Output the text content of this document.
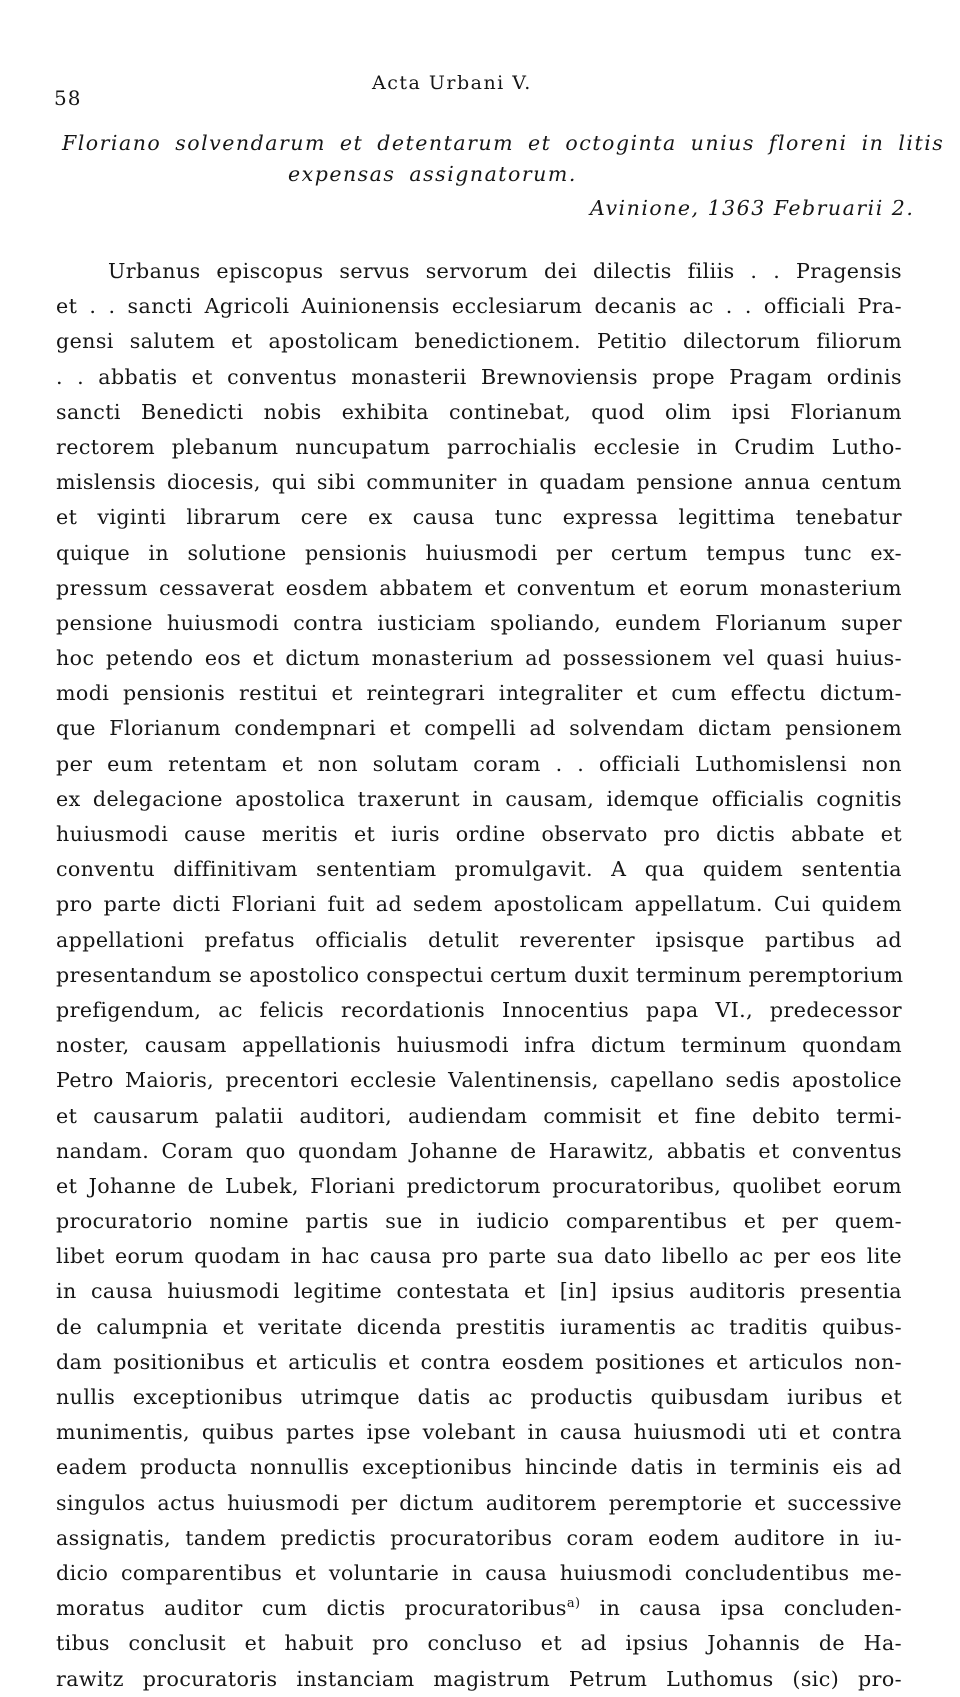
58
Acta Urbani V.
Floriano solvendarum et detentarum et octoginta unius floreni in litis
expensas assignatorum.
Avinione, 1363 Februarii 2.
Urbanus episcopus servus servorum dei dilectis filiis . . Pragensis
et . . sancti Agricoli Auinionensis ecclesiarum decanis ac . . officiali Pra-
gensi salutem et apostolicam benedictionem. Petitio dilectorum filiorum
. . abbatis et conventus monasterii Brewnoviensis prope Pragam ordinis
sancti Benedicti nobis exhibita continebat, quod olim ipsi Florianum
rectorem plebanum nuncupatum parrochialis ecclesie in Crudim Lutho-
mislensis diocesis, qui sibi communiter in quadam pensione annua centum
et viginti librarum cere ex causa tunc expressa legittima tenebatur
quique in solutione pensionis huiusmodi per certum tempus tunc ex-
pressum cessaverat eosdem abbatem et conventum et eorum monasterium
pensione huiusmodi contra iusticiam spoliando, eundem Florianum super
hoc petendo eos et dictum monasterium ad possessionem vel quasi huius-
modi pensionis restitui et reintegrari integraliter et cum effectu dictum-
que Florianum condempnari et compelli ad solvendam dictam pensionem
per eum retentam et non solutam coram . . officiali Luthomislensi non
ex delegacione apostolica traxerunt in causam, idemque officialis cognitis
huiusmodi cause meritis et iuris ordine observato pro dictis abbate et
conventu diffinitivam sententiam promulgavit. A qua quidem sententia
pro parte dicti Floriani fuit ad sedem apostolicam appellatum. Cui quidem
appellationi prefatus officialis detulit reverenter ipsisque partibus ad
presentandum se apostolico conspectui certum duxit terminum peremptorium
prefigendum, ac felicis recordationis Innocentius papa VI., predecessor
noster, causam appellationis huiusmodi infra dictum terminum quondam
Petro Maioris, precentori ecclesie Valentinensis, capellano sedis apostolice
et causarum palatii auditori, audiendam commisit et fine debito termi-
nandam. Coram quo quondam Johanne de Harawitz, abbatis et conventus
et Johanne de Lubek, Floriani predictorum procuratoribus, quolibet eorum
procuratorio nomine partis sue in iudicio comparentibus et per quem-
libet eorum quodam in hac causa pro parte sua dato libello ac per eos lite
in causa huiusmodi legitime contestata et [in] ipsius auditoris presentia
de calumpnia et veritate dicenda prestitis iuramentis ac traditis quibus-
dam positionibus et articulis et contra eosdem positiones et articulos non-
nullis exceptionibus utrimque datis ac productis quibusdam iuribus et
munimentis, quibus partes ipse volebant in causa huiusmodi uti et contra
eadem producta nonnullis exceptionibus hincinde datis in terminis eis ad
singulos actus huiusmodi per dictum auditorem peremptorie et successive
assignatis, tandem predictis procuratoribus coram eodem auditore in iu-
dicio comparentibus et voluntarie in causa huiusmodi concludentibus me-
moratus auditor cum dictis procuratoribus$^{a)}$ in causa ipsa concluden-
tibus conclusit et habuit pro concluso et ad ipsius Johannis de Ha-
rawitz procuratoris instanciam magistrum Petrum Luthomus (sic) pro-
